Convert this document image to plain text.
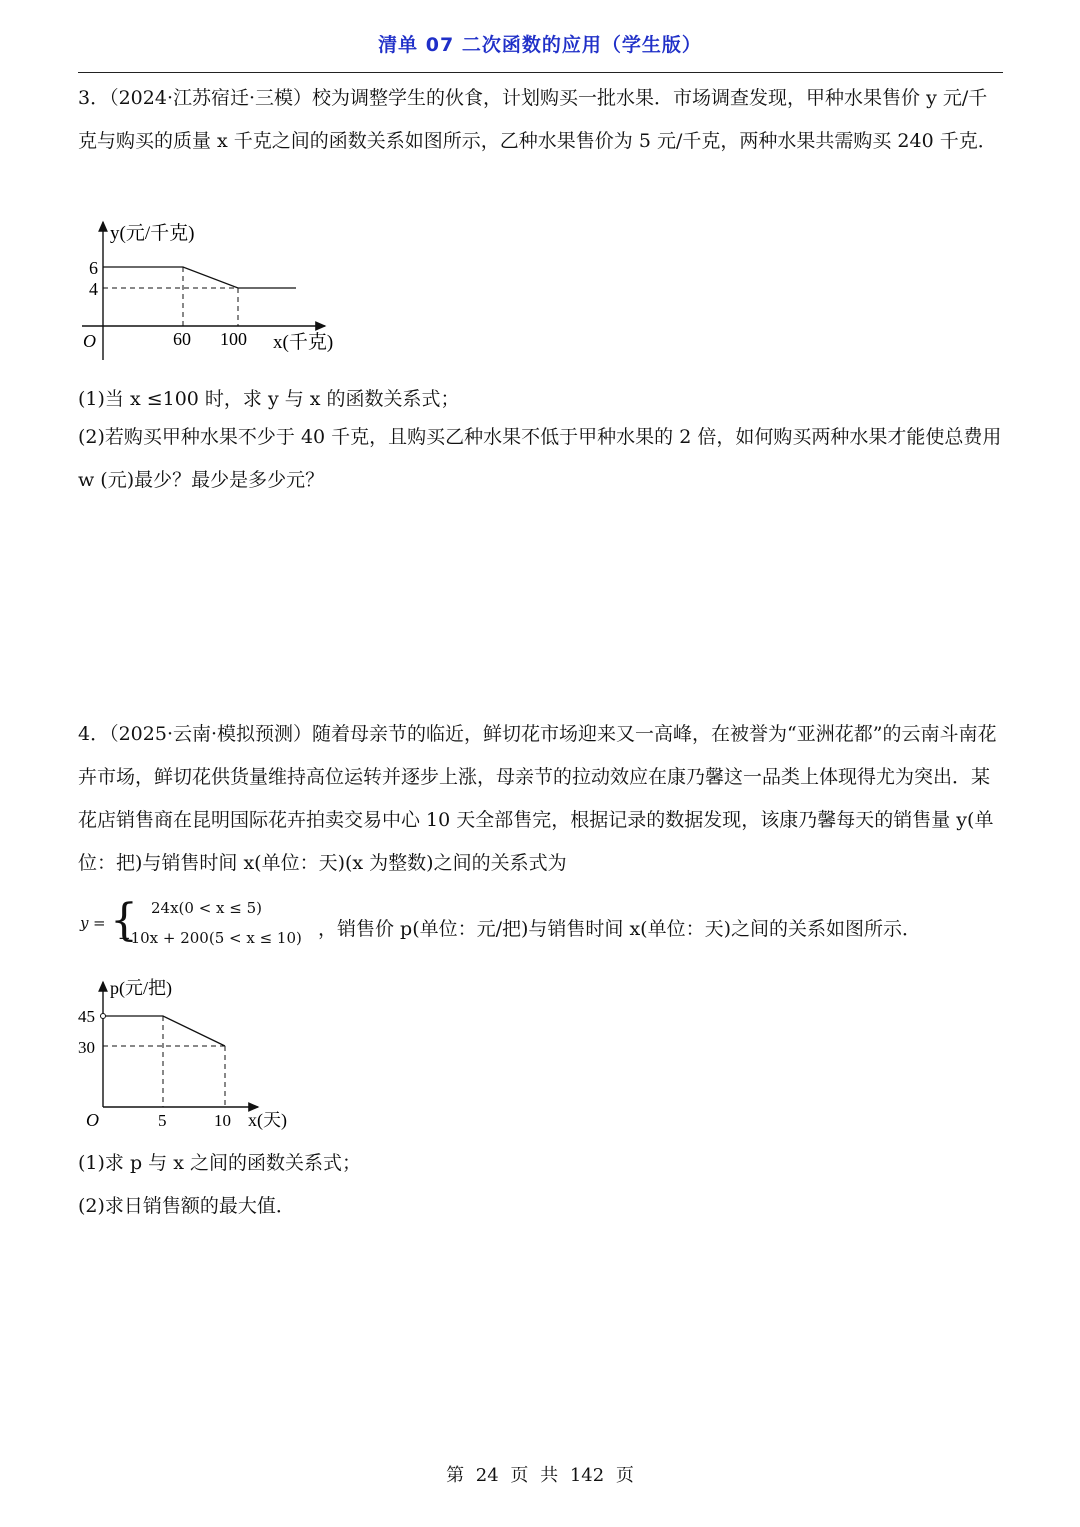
清单 07 二次函数的应用（学生版）
3．（2024·江苏宿迁·三模）校为调整学生的伙食，计划购买一批水果．市场调查发现，甲种水果售价 y 元/千克与购买的质量 x 千克之间的函数关系如图所示，乙种水果售价为 5 元/千克，两种水果共需购买 240 千克．
y(元/千克)
6
4
O	60 100 x(千克)
(1)当 x ≤100 时，求 y 与 x 的函数关系式；
(2)若购买甲种水果不少于 40 千克，且购买乙种水果不低于甲种水果的 2 倍，如何购买两种水果才能使总费用 w (元)最少？最少是多少元？
4．（2025·云南·模拟预测）随着母亲节的临近，鲜切花市场迎来又一高峰，在被誉为“亚洲花都”的云南斗南花卉市场，鲜切花供货量维持高位运转并逐步上涨，母亲节的拉动效应在康乃馨这一品类上体现得尤为突出．某花店销售商在昆明国际花卉拍卖交易中心 10 天全部售完，根据记录的数据发现，该康乃馨每天的销售量 y(单位：把)与销售时间 x(单位：天)(x 为整数)之间的关系式为
y = { 24x(0 < x ≤ 5)
−10x + 200(5 < x ≤ 10) ，销售价 p(单位：元/把)与销售时间 x(单位：天)之间的关系如图所示．
p(元/把)
45
30
O	5	10 x(天)
(1)求 p 与 x 之间的函数关系式；
(2)求日销售额的最大值．
第 24 页 共 142 页
